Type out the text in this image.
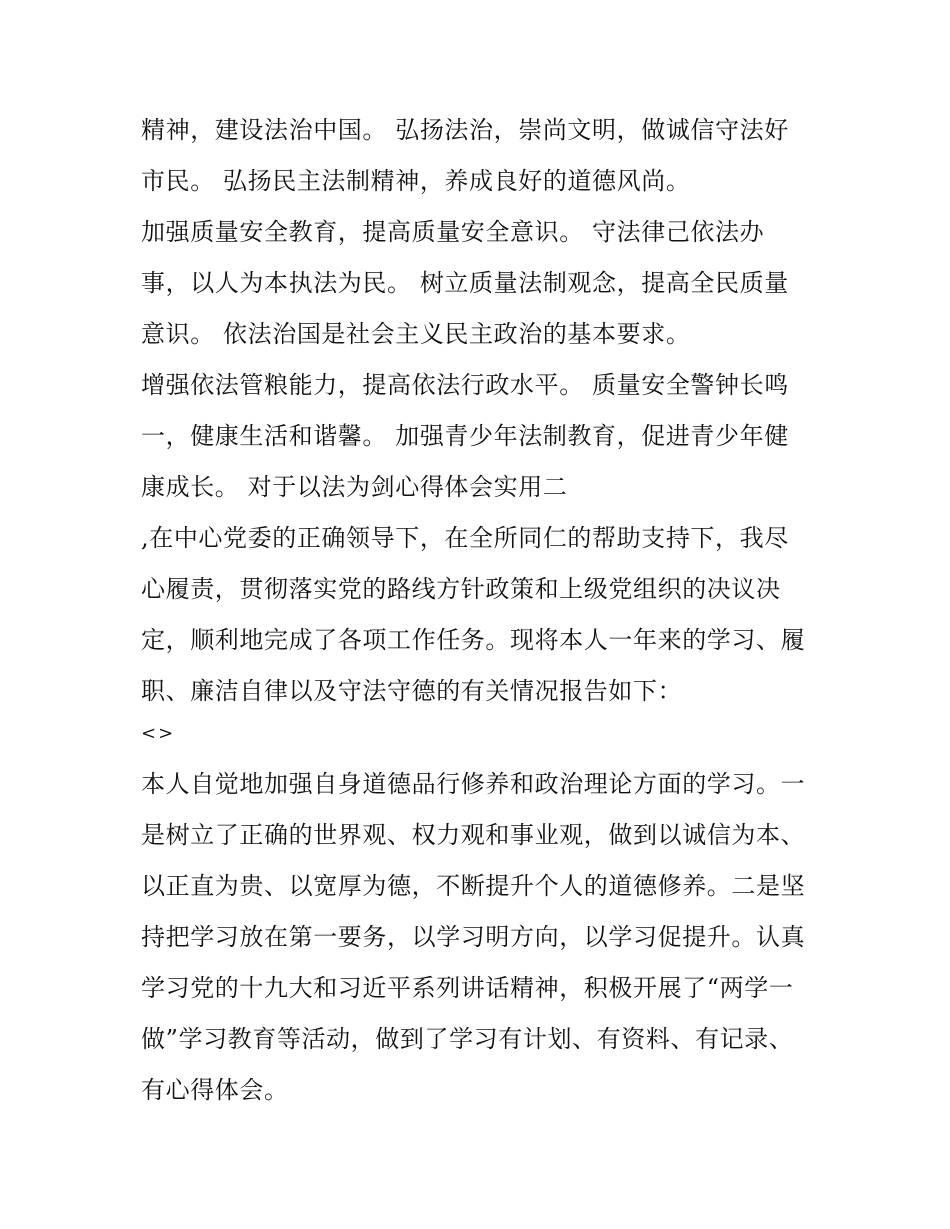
精神，建设法治中国。 弘扬法治，崇尚文明，做诚信守法好
市民。 弘扬民主法制精神，养成良好的道德风尚。
加强质量安全教育，提高质量安全意识。 守法律己依法办
事，以人为本执法为民。 树立质量法制观念，提高全民质量
意识。 依法治国是社会主义民主政治的基本要求。
增强依法管粮能力，提高依法行政水平。 质量安全警钟长鸣
一，健康生活和谐馨。 加强青少年法制教育，促进青少年健
康成长。 对于以法为剑心得体会实用二
,在中心党委的正确领导下，在全所同仁的帮助支持下，我尽
心履责，贯彻落实党的路线方针政策和上级党组织的决议决
定，顺利地完成了各项工作任务。现将本人一年来的学习、履
职、廉洁自律以及守法守德的有关情况报告如下：
<>
本人自觉地加强自身道德品行修养和政治理论方面的学习。一
是树立了正确的世界观、权力观和事业观，做到以诚信为本、
以正直为贵、以宽厚为德，不断提升个人的道德修养。二是坚
持把学习放在第一要务，以学习明方向，以学习促提升。认真
学习党的十九大和习近平系列讲话精神，积极开展了“两学一
做”学习教育等活动，做到了学习有计划、有资料、有记录、
有心得体会。
